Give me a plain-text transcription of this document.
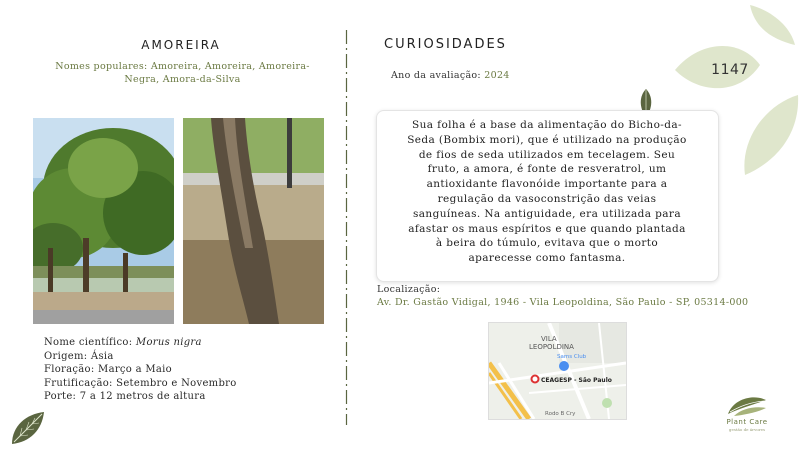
1147
AMOREIRA
Nomes populares: Amoreira, Amoreira, Amoreira-Negra, Amora-da-Silva
Nome científico: Morus nigra
Origem: Ásia
Floração: Março a Maio
Frutificação: Setembro e Novembro
Porte: 7 a 12 metros de altura
CURIOSIDADES
Ano da avaliação: 2024
Sua folha é a base da alimentação do Bicho-da-
Seda (Bombix mori), que é utilizado na produção
de fios de seda utilizados em tecelagem. Seu
fruto, a amora, é fonte de resveratrol, um
antioxidante flavonóide importante para a
regulação da vasoconstrição das veias
sanguíneas. Na antiguidade, era utilizada para
afastar os maus espíritos e que quando plantada
à beira do túmulo, evitava que o morto
aparecesse como fantasma.
Localização:
Av. Dr. Gastão Vidigal, 1946 - Vila Leopoldina, São Paulo - SP, 05314-000
VILA
LEOPOLDINA
Sams Club
CEAGESP - São Paulo
Rodo B Cry
Plant Care
gestão de árvores
